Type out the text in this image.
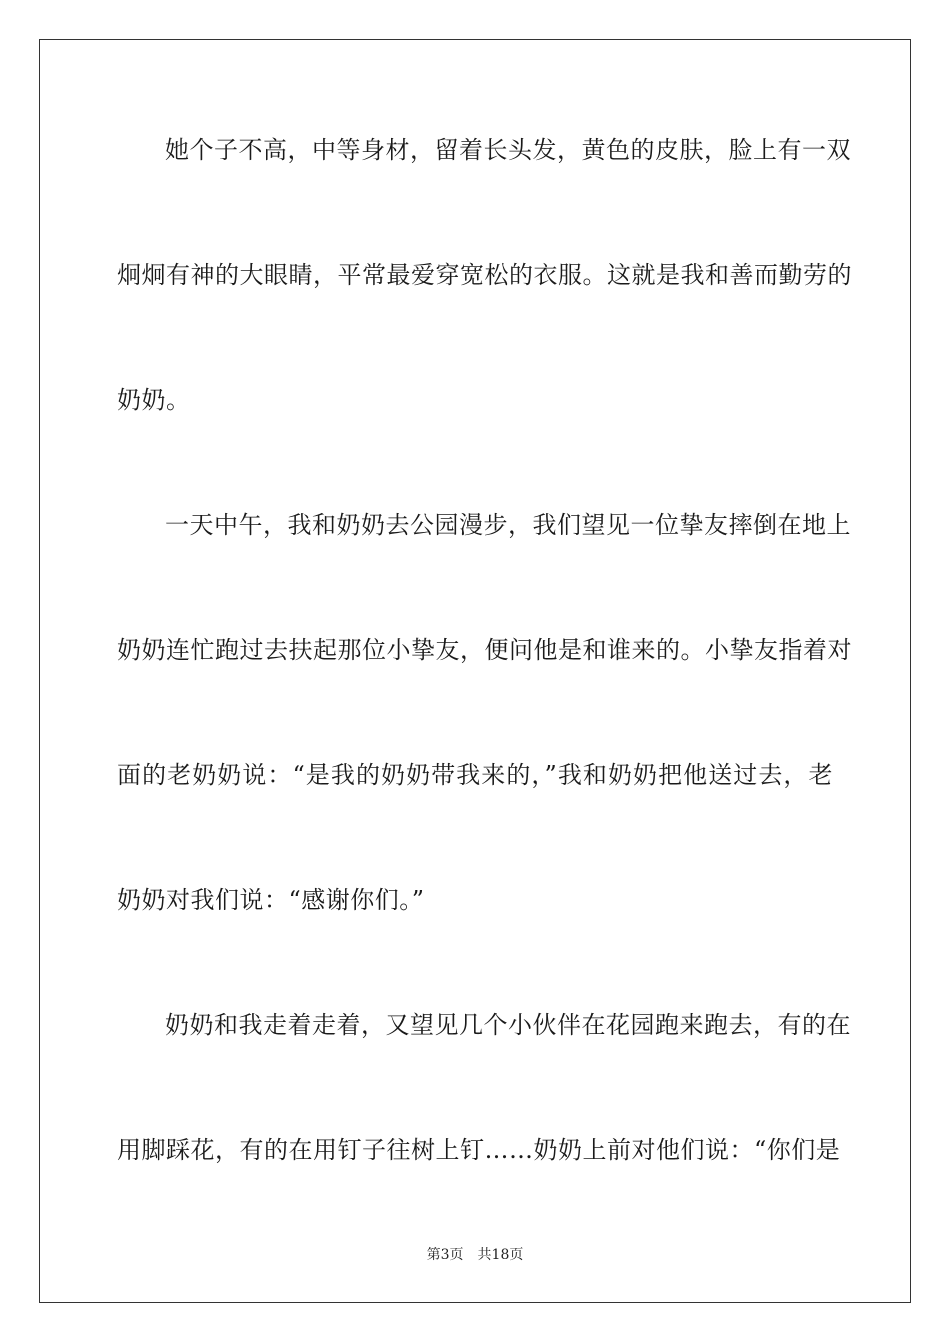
她个子不高，中等身材，留着长头发，黄色的皮肤，脸上有一双
炯炯有神的大眼睛，平常最爱穿宽松的衣服。这就是我和善而勤劳的
奶奶。
一天中午，我和奶奶去公园漫步，我们望见一位挚友摔倒在地上
奶奶连忙跑过去扶起那位小挚友，便问他是和谁来的。小挚友指着对
面的老奶奶说：“是我的奶奶带我来的，”我和奶奶把他送过去，老
奶奶对我们说：“感谢你们。”
奶奶和我走着走着，又望见几个小伙伴在花园跑来跑去，有的在
用脚踩花，有的在用钉子往树上钉……奶奶上前对他们说：“你们是
第3页 共18页
